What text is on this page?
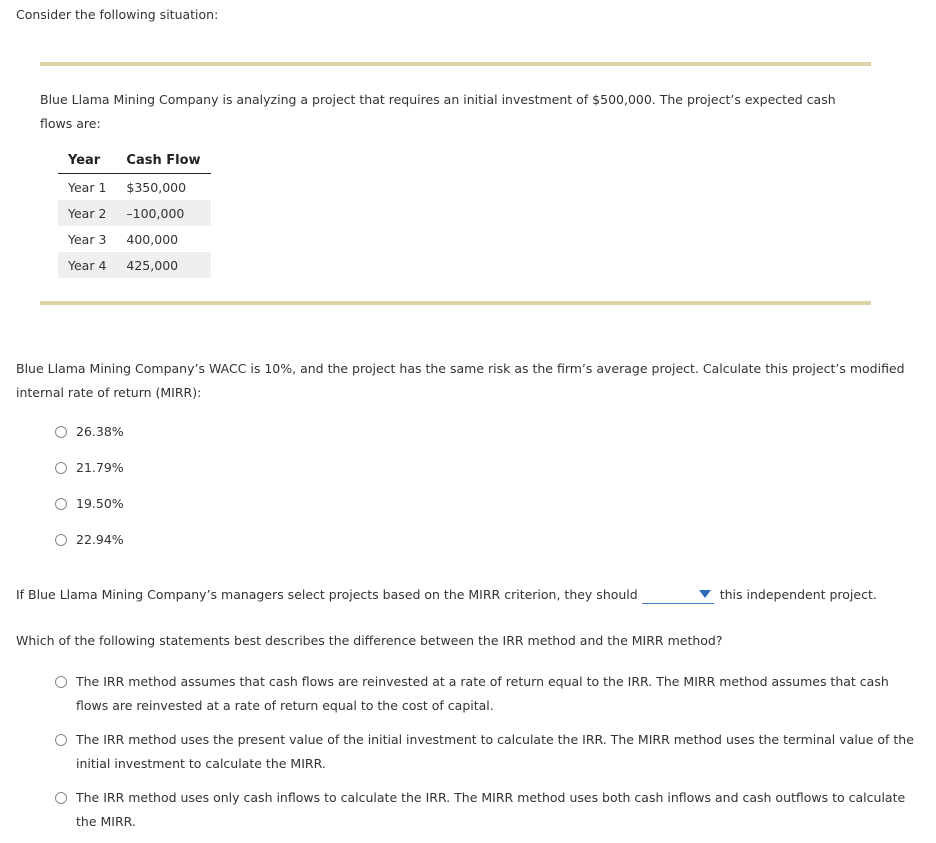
Consider the following situation:
Blue Llama Mining Company is analyzing a project that requires an initial investment of $500,000. The project’s expected cash flows are:
Year	Cash Flow
Year 1	$350,000
Year 2	–100,000
Year 3	400,000
Year 4	425,000
Blue Llama Mining Company’s WACC is 10%, and the project has the same risk as the firm’s average project. Calculate this project’s modified internal rate of return (MIRR):
26.38%
21.79%
19.50%
22.94%
If Blue Llama Mining Company’s managers select projects based on the MIRR criterion, they should	this independent project.
Which of the following statements best describes the difference between the IRR method and the MIRR method?
The IRR method assumes that cash flows are reinvested at a rate of return equal to the IRR. The MIRR method assumes that cash flows are reinvested at a rate of return equal to the cost of capital.
The IRR method uses the present value of the initial investment to calculate the IRR. The MIRR method uses the terminal value of the initial investment to calculate the MIRR.
The IRR method uses only cash inflows to calculate the IRR. The MIRR method uses both cash inflows and cash outflows to calculate the MIRR.
